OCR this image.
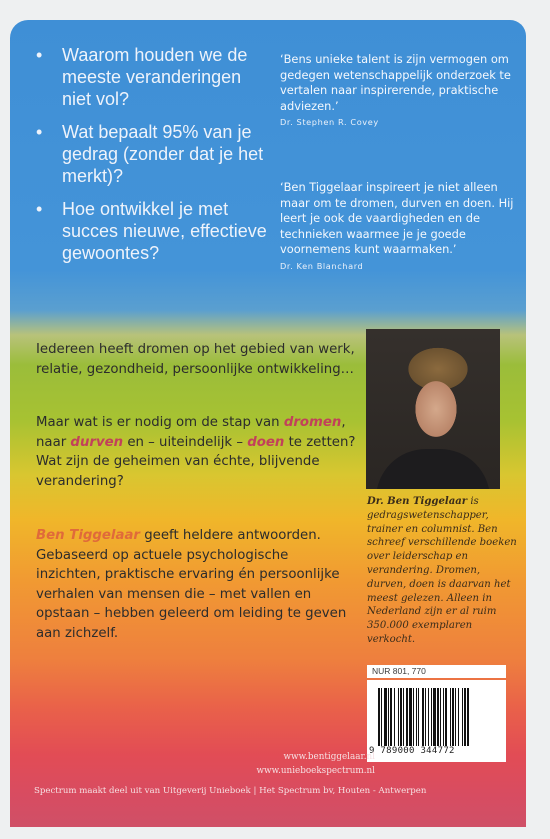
• Waarom houden we de meeste veranderingen niet vol?
• Wat bepaalt 95% van je gedrag (zonder dat je het merkt)?
• Hoe ontwikkel je met succes nieuwe, effectieve gewoontes?
‘Bens unieke talent is zijn vermogen om gedegen wetenschappelijk onderzoek te vertalen naar inspirerende, praktische adviezen.’
Dr. Stephen R. Covey
‘Ben Tiggelaar inspireert je niet alleen maar om te dromen, durven en doen. Hij leert je ook de vaardigheden en de technieken waarmee je je goede voornemens kunt waarmaken.’
Dr. Ken Blanchard
Iedereen heeft dromen op het gebied van werk, relatie, gezondheid, persoonlijke ontwikkeling…
Maar wat is er nodig om de stap van dromen, naar durven en – uiteindelijk – doen te zetten? Wat zijn de geheimen van échte, blijvende verandering?
Ben Tiggelaar geeft heldere antwoorden. Gebaseerd op actuele psychologische inzichten, praktische ervaring én persoonlijke verhalen van mensen die – met vallen en opstaan – hebben geleerd om leiding te geven aan zichzelf.
Dr. Ben Tiggelaar is gedragswetenschapper, trainer en columnist. Ben schreef verschillende boeken over leiderschap en verandering. Dromen, durven, doen is daarvan het meest gelezen. Alleen in Nederland zijn er al ruim 350.000 exemplaren verkocht.
NUR 801, 770
9 789000 344772
www.bentiggelaar.nl
www.unieboekspectrum.nl
Spectrum maakt deel uit van Uitgeverij Unieboek | Het Spectrum bv, Houten - Antwerpen
